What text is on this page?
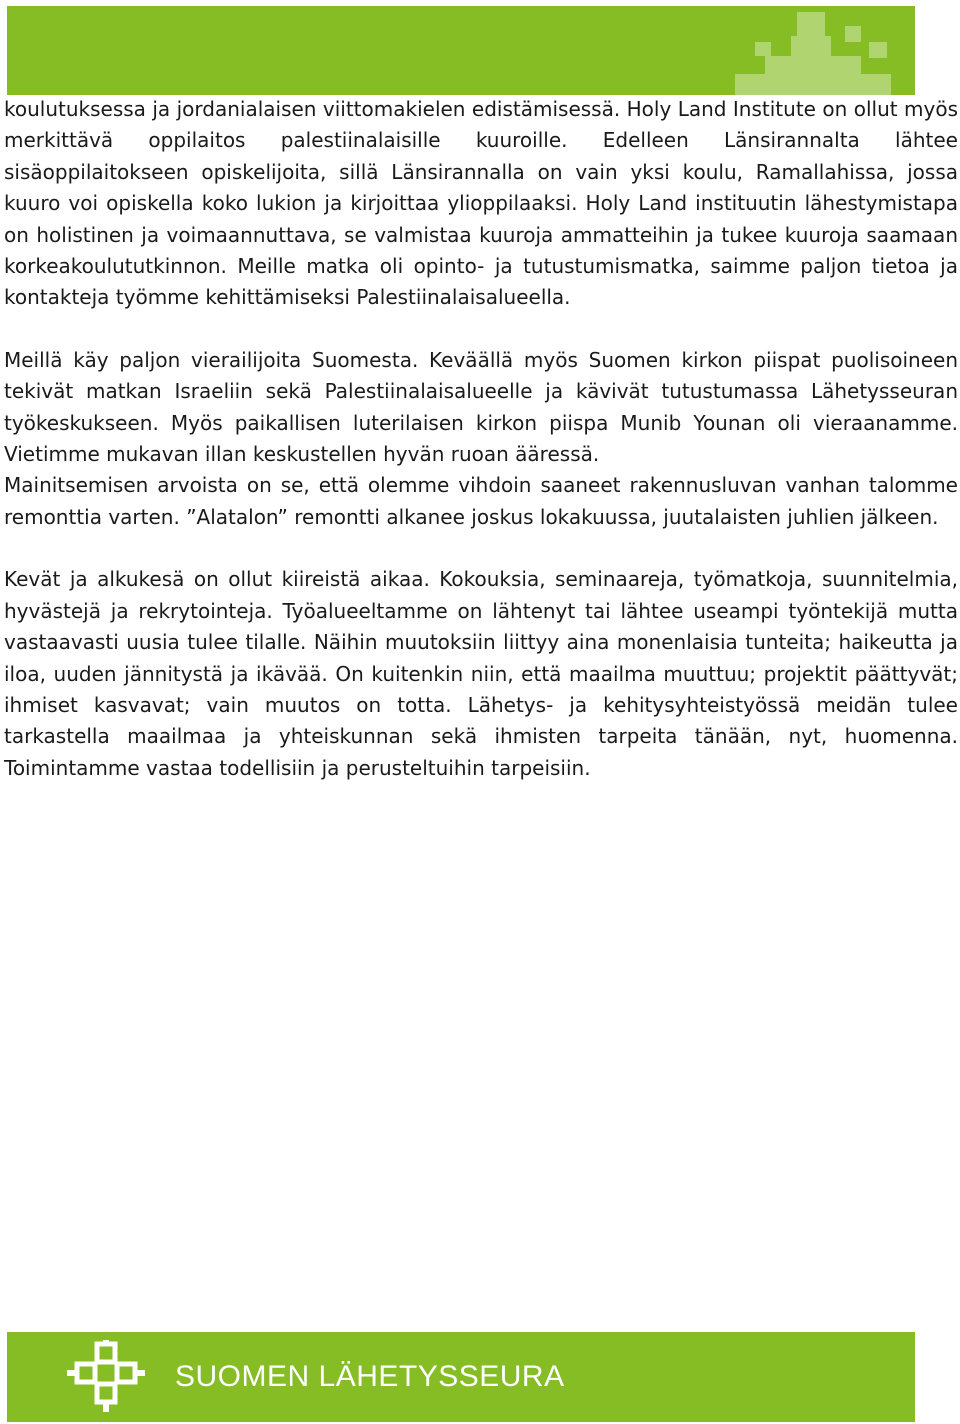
koulutuksessa ja jordanialaisen viittomakielen edistämisessä. Holy Land Institute on ollut myös merkittävä oppilaitos palestiinalaisille kuuroille. Edelleen Länsirannalta lähtee sisäoppilaitokseen opiskelijoita, sillä Länsirannalla on vain yksi koulu, Ramallahissa, jossa kuuro voi opiskella koko lukion ja kirjoittaa ylioppilaaksi. Holy Land instituutin lähestymistapa on holistinen ja voimaannuttava, se valmistaa kuuroja ammatteihin ja tukee kuuroja saamaan korkeakoulututkinnon. Meille matka oli opinto- ja tutustumismatka, saimme paljon tietoa ja kontakteja työmme kehittämiseksi Palestiinalaisalueella.

Meillä käy paljon vierailijoita Suomesta. Keväällä myös Suomen kirkon piispat puolisoineen tekivät matkan Israeliin sekä Palestiinalaisalueelle ja kävivät tutustumassa Lähetysseuran työkeskukseen. Myös paikallisen luterilaisen kirkon piispa Munib Younan oli vieraanamme. Vietimme mukavan illan keskustellen hyvän ruoan ääressä.

Mainitsemisen arvoista on se, että olemme vihdoin saaneet rakennusluvan vanhan talomme remonttia varten. ”Alatalon” remontti alkanee joskus lokakuussa, juutalaisten juhlien jälkeen.

Kevät ja alkukesä on ollut kiireistä aikaa. Kokouksia, seminaareja, työmatkoja, suunnitelmia, hyvästejä ja rekrytointeja. Työalueeltamme on lähtenyt tai lähtee useampi työntekijä mutta vastaavasti uusia tulee tilalle. Näihin muutoksiin liittyy aina monenlaisia tunteita; haikeutta ja iloa, uuden jännitystä ja ikävää. On kuitenkin niin, että maailma muuttuu; projektit päättyvät; ihmiset kasvavat; vain muutos on totta. Lähetys- ja kehitysyhteistyössä meidän tulee tarkastella maailmaa ja yhteiskunnan sekä ihmisten tarpeita tänään, nyt, huomenna. Toimintamme vastaa todellisiin ja perusteltuihin tarpeisiin.

SUOMEN LÄHETYSSEURA
